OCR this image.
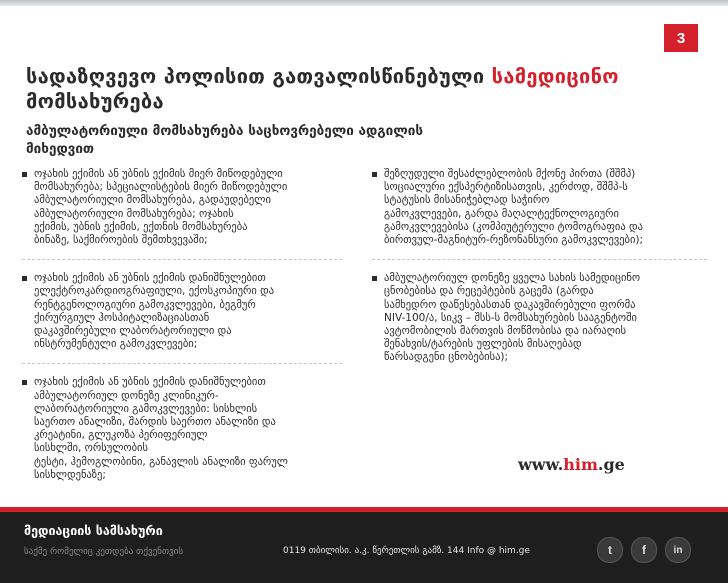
3
სადაზღვევო პოლისით გათვალისწინებული სამედიცინო
მომსახურება
ამბულატორიული მომსახურება საცხოვრებელი ადგილის მიხედვით
ოჯახის ექიმის ან უბნის ექიმის მიერ მიწოდებული
მომსახურება; სპეციალისტების მიერ მიწოდებული
ამბულატორიული მომსახურება, გადაუდებელი
ამბულატორიული მომსახურება; ოჯახის
ექიმის, უბნის ექიმის, ექთნის მომსახურება
ბინაზე, საქმიროების შემთხვევაში;
ოჯახის ექიმის ან უბნის ექიმის დანიშნულებით
ელექტროკარდიოგრაფიული, ექოსკოპიური და
რენტგენოლოგიური გამოკვლევები, ბეგმურ
ქირურგიულ ჰოსპიტალიზაციასთან
დაკავშირებული ლაბორატორიული და
ინსტრუმენტული გამოკვლევები;
ოჯახის ექიმის ან უბნის ექიმის დანიშნულებით
ამბულატორიულ დონეზე კლინიკურ-
ლაბორატორიული გამოკვლევები: სისხლის
საერთო ანალიზი, შარდის საერთო ანალიზი და
კრეატინი, გლუკოზა პერიფერიულ
სისხლში, ორსულობის
ტესტი, ჰემოგლობინი, განავლის ანალიზი ფარულ
სისხლდენაზე;
შეზღუდული შესაძლებლობის მქონე პირთა (შშმპ)
სოციალური ექსპერტიზისათვის, კერძოდ, შშმპ-ს
სტატუსის მისანიჭებლად საჭირო
გამოკვლევები, გარდა მაღალტექნოლოგიური
გამოკვლევებისა (კომპიუტერული ტომოგრაფია და
ბირთვულ-მაგნიტურ-რეზონანსური გამოკვლევები);
ამბულატორიულ დონეზე ყველა სახის სამედიცინო
ცნობებისა და რეცეპტების გაცემა (გარდა
სამხედრო დაწესებასთან დაკავშირებული ფორმა
NIV-100/ა, სიკვ – შსს-ს მომსახურების სააგენტოში
ავტომობილის მართვის მოწმობისა და იარაღის
შენახვის/ტარების უფლების მისაღებად
წარსადგენი ცნობებისა);
www.him.ge
მედიაციის სამსახური
საქმე რომელიც კეთდება თქვენთვის	0119 თბილისი. ა.კ. წერეთლის გამზ. 144 Info @ him.ge	t	f	in
